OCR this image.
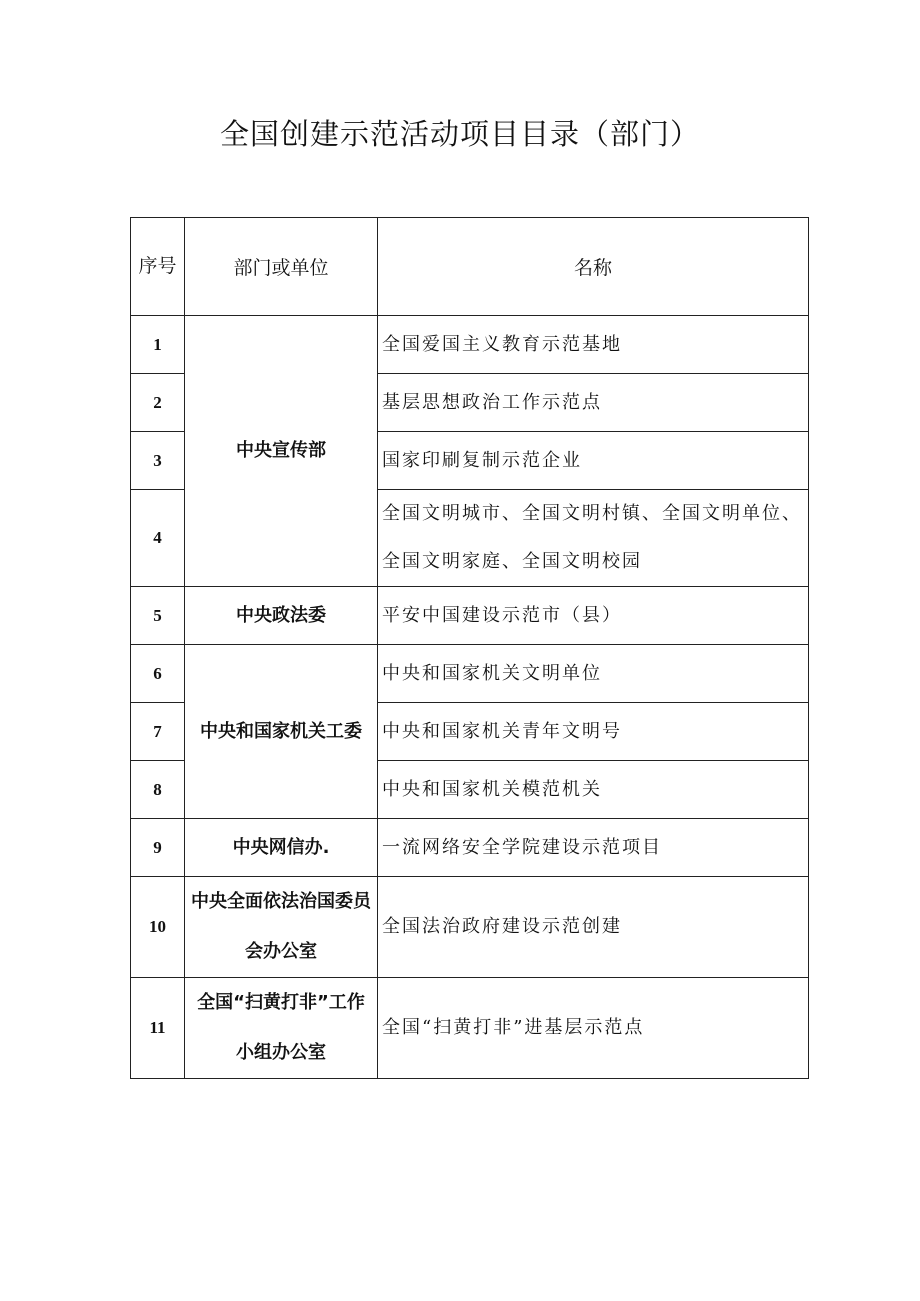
全国创建示范活动项目目录（部门）
序号	部门或单位	名称
1	中央宣传部	全国爱国主义教育示范基地
2		基层思想政治工作示范点
3		国家印刷复制示范企业
4		全国文明城市、全国文明村镇、全国文明单位、全国文明家庭、全国文明校园
5	中央政法委	平安中国建设示范市（县）
6	中央和国家机关工委	中央和国家机关文明单位
7		中央和国家机关青年文明号
8		中央和国家机关模范机关
9	中央网信办.	一流网络安全学院建设示范项目
10	中央全面依法治国委员会办公室	全国法治政府建设示范创建
11	全国“扫黄打非”工作小组办公室	全国“扫黄打非”进基层示范点
